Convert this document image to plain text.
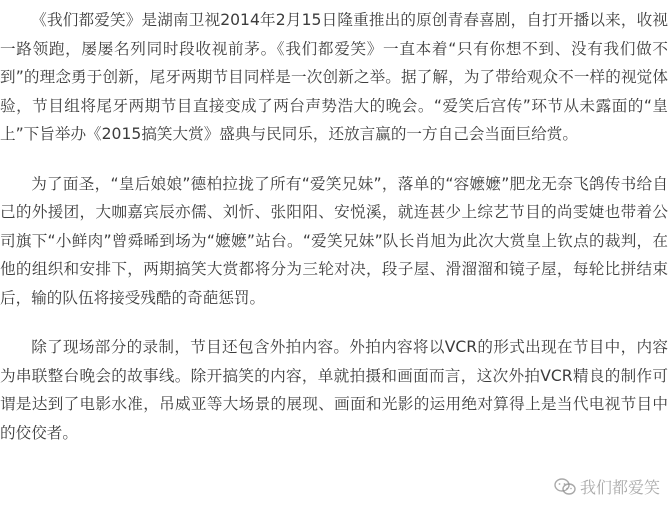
《我们都爱笑》是湖南卫视2014年2月15日隆重推出的原创青春喜剧，自打开播以来，收视一路领跑，屡屡名列同时段收视前茅。《我们都爱笑》一直本着“只有你想不到、没有我们做不到”的理念勇于创新，尾牙两期节目同样是一次创新之举。据了解，为了带给观众不一样的视觉体验，节目组将尾牙两期节目直接变成了两台声势浩大的晚会。“爱笑后宫传”环节从未露面的“皇上”下旨举办《2015搞笑大赏》盛典与民同乐，还放言赢的一方自己会当面巨给赏。

为了面圣，“皇后娘娘”德柏拉拢了所有“爱笑兄妹”，落单的“容嬷嬷”肥龙无奈飞鸽传书给自己的外援团，大咖嘉宾辰亦儒、刘忻、张阳阳、安悦溪，就连甚少上综艺节目的尚雯婕也带着公司旗下“小鲜肉”曾舜晞到场为“嬷嬷”站台。“爱笑兄妹”队长肖旭为此次大赏皇上钦点的裁判，在他的组织和安排下，两期搞笑大赏都将分为三轮对决，段子屋、滑溜溜和镜子屋，每轮比拼结束后，输的队伍将接受残酷的奇葩惩罚。

除了现场部分的录制，节目还包含外拍内容。外拍内容将以VCR的形式出现在节目中，内容为串联整台晚会的故事线。除开搞笑的内容，单就拍摄和画面而言，这次外拍VCR精良的制作可谓是达到了电影水准，吊威亚等大场景的展现、画面和光影的运用绝对算得上是当代电视节目中的佼佼者。

我们都爱笑
